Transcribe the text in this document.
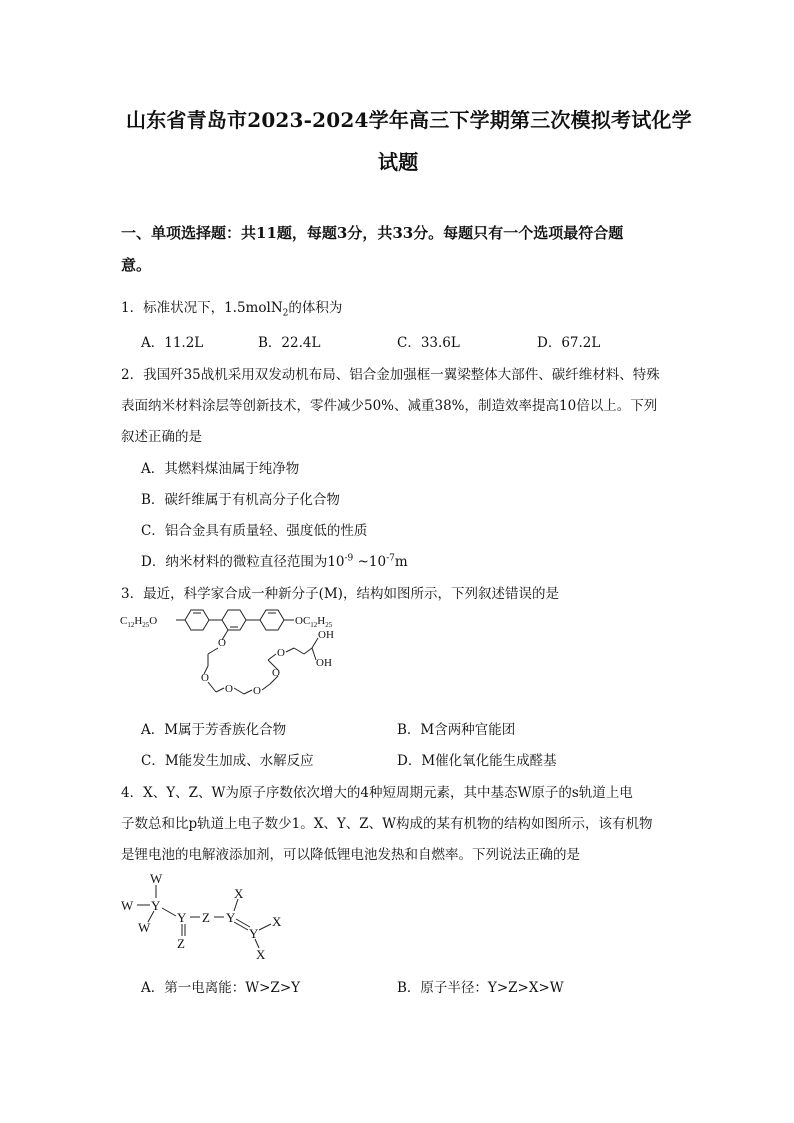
山东省青岛市2023-2024学年高三下学期第三次模拟考试化学
试题
一、单项选择题：共11题，每题3分，共33分。每题只有一个选项最符合题
意。
1．标准状况下，1.5molN$_2$的体积为
A．11.2L	B．22.4L	C．33.6L	D．67.2L
2．我国歼35战机采用双发动机布局、铝合金加强框一翼梁整体大部件、碳纤维材料、特殊
表面纳米材料涂层等创新技术，零件减少50%、减重38%，制造效率提高10倍以上。下列
叙述正确的是
A．其燃料煤油属于纯净物
B．碳纤维属于有机高分子化合物
C．铝合金具有质量轻、强度低的性质
D．纳米材料的微粒直径范围为$10^{-9}$ $\sim 10^{-7}m$
3．最近，科学家合成一种新分子(M)，结构如图所示，下列叙述错误的是
$C_{12}H_{25}O$	$OC_{12}H_{25}$
OH
OH
O
O
O O
O
O
A．M属于芳香族化合物	B．M含两种官能团
C．M能发生加成、水解反应	D．M催化氧化能生成醛基
4．X、Y、Z、W为原子序数依次增大的4种短周期元素，其中基态W原子的s轨道上电
子数总和比p轨道上电子数少1。X、Y、Z、W构成的某有机物的结构如图所示，该有机物
是锂电池的电解液添加剂，可以降低锂电池发热和自燃率。下列说法正确的是
W
W Y
W
Y
Z
Z Y
X
Y
X
X
A．第一电离能：W>Z>Y	B．原子半径：Y>Z>X>W
